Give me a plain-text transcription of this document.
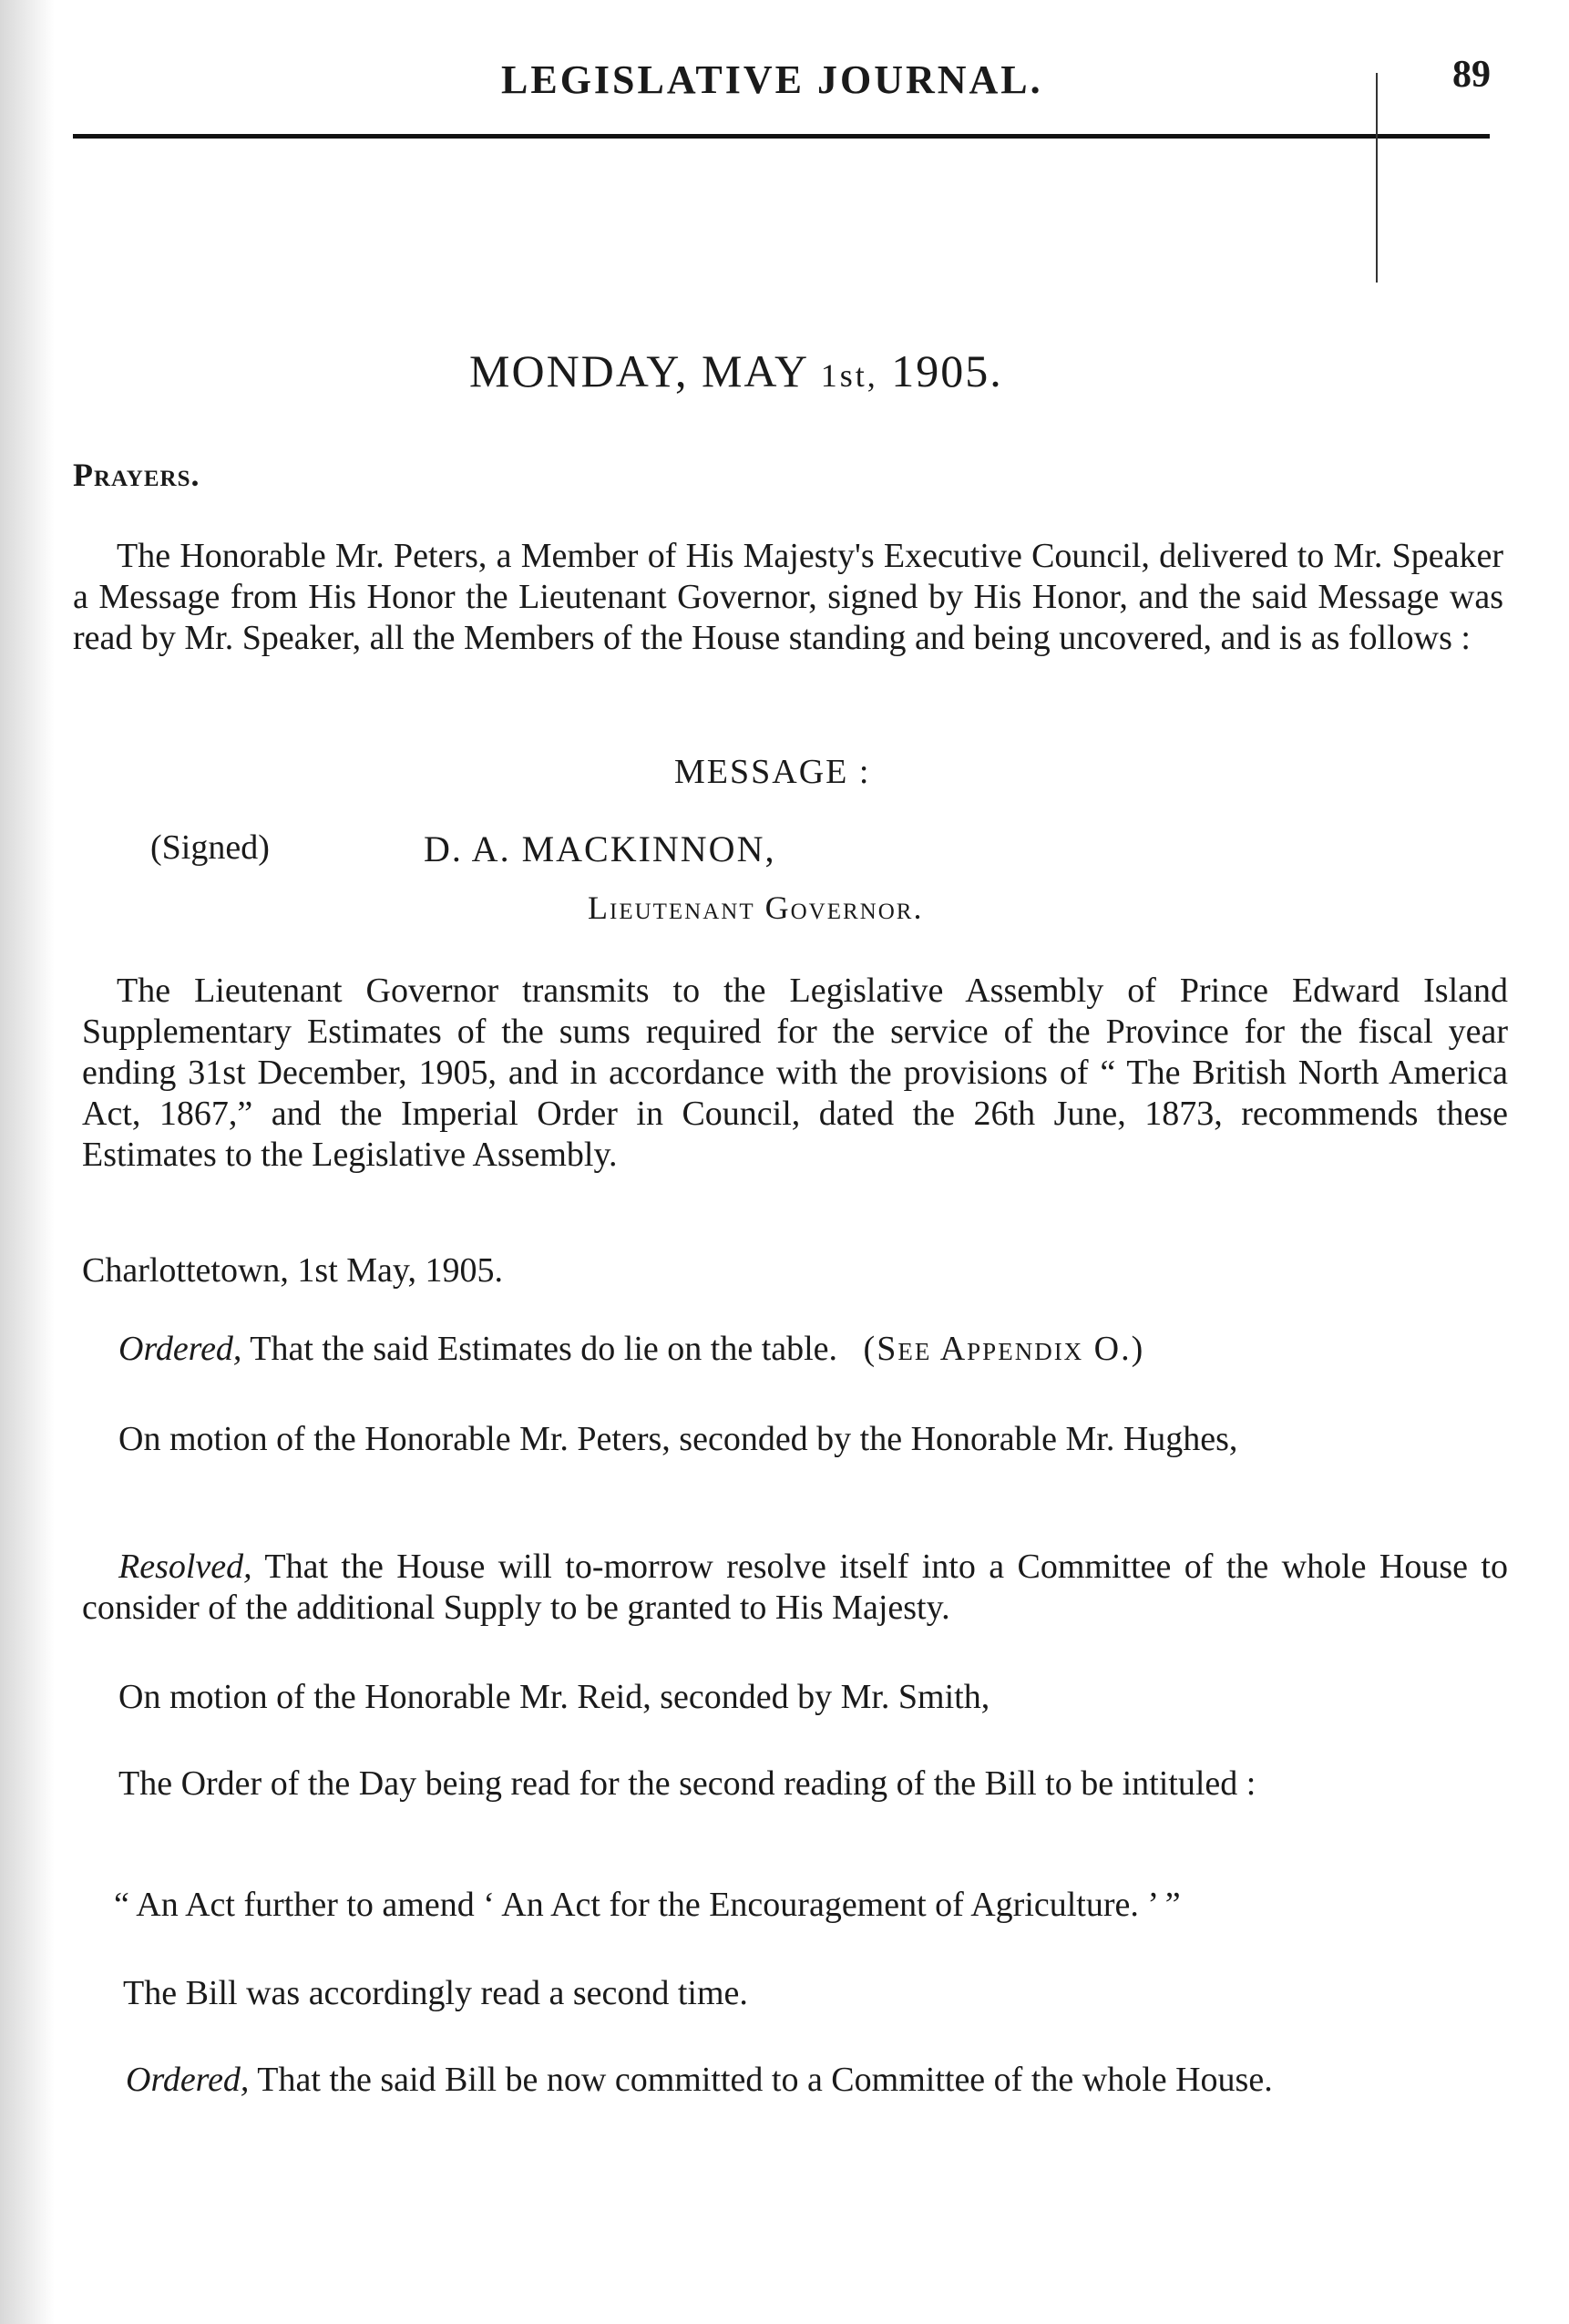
LEGISLATIVE JOURNAL.	89
MONDAY, MAY 1st, 1905.
Prayers.
The Honorable Mr. Peters, a Member of His Majesty's Executive Council, delivered to Mr. Speaker a Message from His Honor the Lieutenant Governor, signed by His Honor, and the said Message was read by Mr. Speaker, all the Members of the House standing and being uncovered, and is as follows :
MESSAGE :
(Signed)	D. A. MACKINNON,
Lieutenant Governor.
The Lieutenant Governor transmits to the Legislative Assembly of Prince Edward Island Supplementary Estimates of the sums required for the service of the Province for the fiscal year ending 31st December, 1905, and in accordance with the provisions of “ The British North America Act, 1867,” and the Imperial Order in Council, dated the 26th June, 1873, recommends these Estimates to the Legislative Assembly.
Charlottetown, 1st May, 1905.
Ordered, That the said Estimates do lie on the table. (See Appendix O.)
On motion of the Honorable Mr. Peters, seconded by the Honorable Mr. Hughes,
Resolved, That the House will to-morrow resolve itself into a Committee of the whole House to consider of the additional Supply to be granted to His Majesty.
On motion of the Honorable Mr. Reid, seconded by Mr. Smith,
The Order of the Day being read for the second reading of the Bill to be intituled :
“ An Act further to amend ‘ An Act for the Encouragement of Agriculture. ’ ”
The Bill was accordingly read a second time.
Ordered, That the said Bill be now committed to a Committee of the whole House.
